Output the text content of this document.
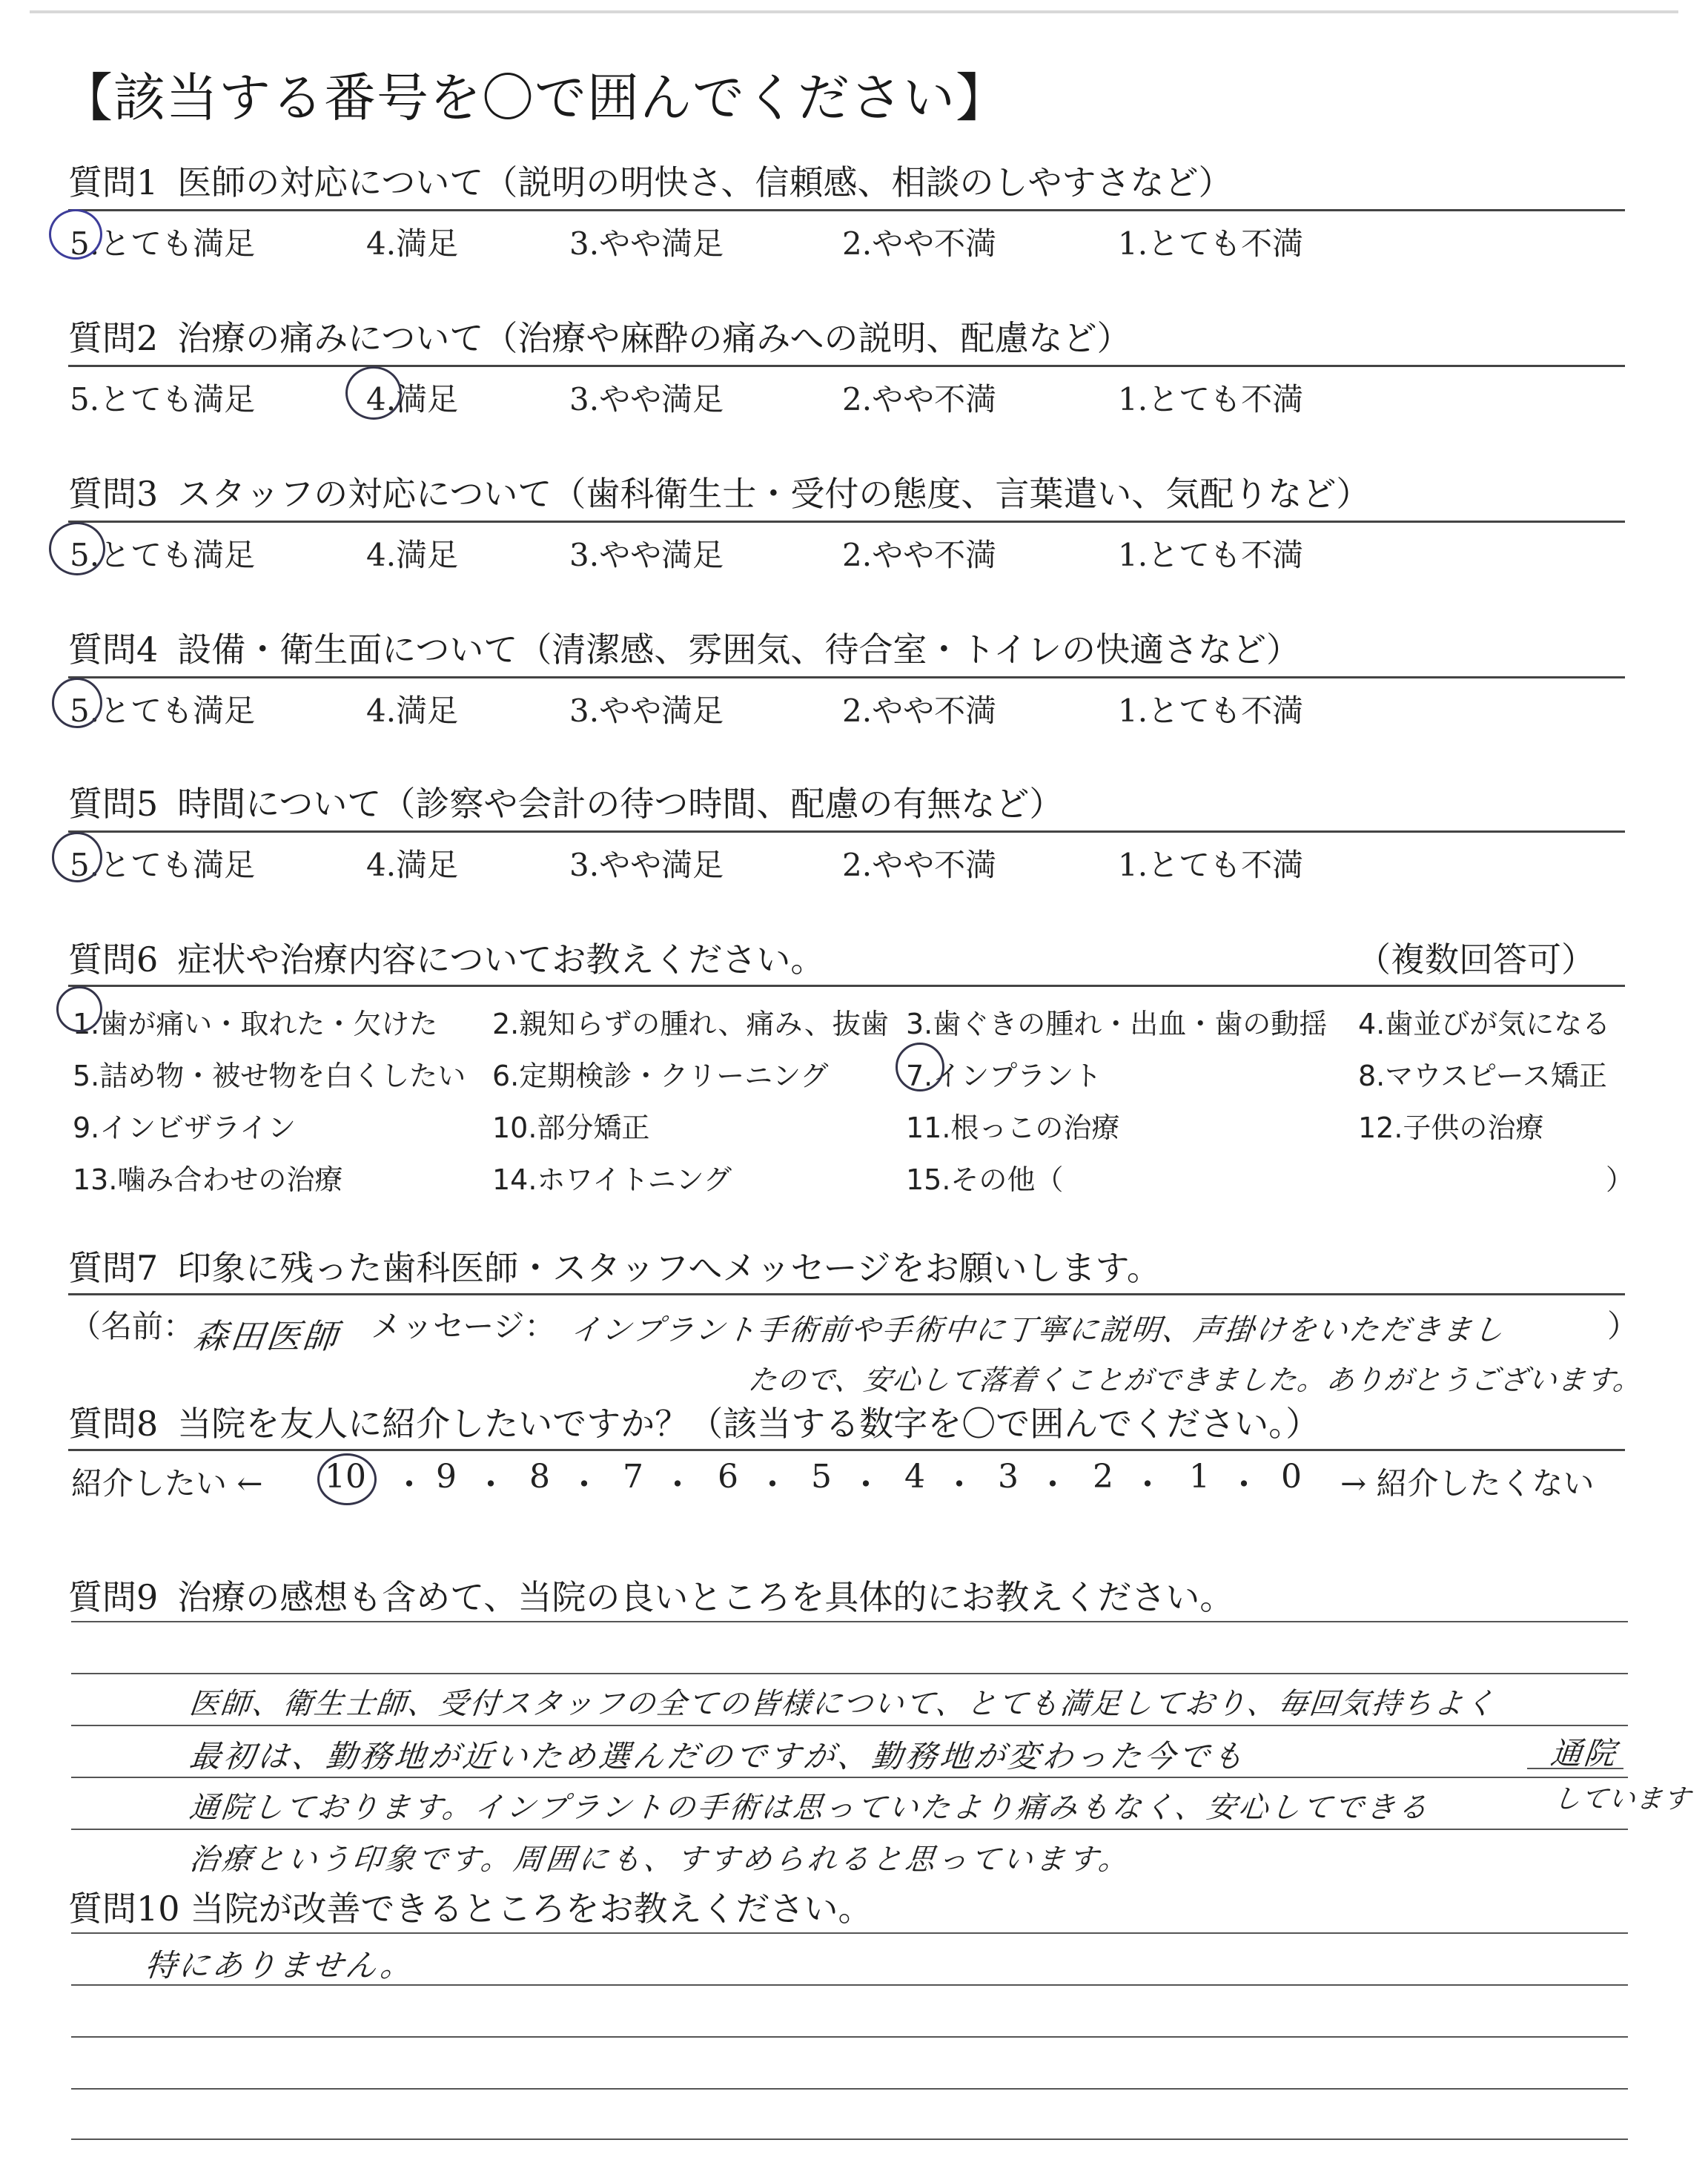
【該当する番号を〇で囲んでください】
質問1 医師の対応について（説明の明快さ、信頼感、相談のしやすさなど）
5.とても満足	4.満足	3.やや満足	2.やや不満	1.とても不満
質問2 治療の痛みについて（治療や麻酔の痛みへの説明、配慮など）
5.とても満足	4.満足	3.やや満足	2.やや不満	1.とても不満
質問3 スタッフの対応について（歯科衛生士・受付の態度、言葉遣い、気配りなど）
5.とても満足	4.満足	3.やや満足	2.やや不満	1.とても不満
質問4 設備・衛生面について（清潔感、雰囲気、待合室・トイレの快適さなど）
5.とても満足	4.満足	3.やや満足	2.やや不満	1.とても不満
質問5 時間について（診察や会計の待つ時間、配慮の有無など）
5.とても満足	4.満足	3.やや満足	2.やや不満	1.とても不満
質問6 症状や治療内容についてお教えください。	（複数回答可）
1.歯が痛い・取れた・欠けた 2.親知らずの腫れ、痛み、抜歯 3.歯ぐきの腫れ・出血・歯の動揺 4.歯並びが気になる
5.詰め物・被せ物を白くしたい 6.定期検診・クリーニング	7.インプラント	8.マウスピース矯正
9.インビザライン	10.部分矯正	11.根っこの治療	12.子供の治療
13.噛み合わせの治療	14.ホワイトニング	15.その他（	）
質問7 印象に残った歯科医師・スタッフへメッセージをお願いします。
（名前：
森田医師 メッセージ： インプラント手術前や手術中に丁寧に説明、声掛けをいただきまし	）
たので、安心して落着くことができました。ありがとうございます。
質問8 当院を友人に紹介したいですか？（該当する数字を〇で囲んでください。）
紹介したい ← 10 ・ 9 ・ 8 ・ 7 ・ 6 ・ 5 ・ 4 ・ 3 ・ 2 ・ 1 ・ 0 → 紹介したくない
質問9 治療の感想も含めて、当院の良いところを具体的にお教えください。
医師、衛生士師、受付スタッフの全ての皆様について、とても満足しており、毎回気持ちよく
最初は、勤務地が近いため選んだのですが、勤務地が変わった今でも
通院しております。インプラントの手術は思っていたより痛みもなく、安心してできる
治療という印象です。周囲にも、すすめられると思っています。
通院
しています
質問10 当院が改善できるところをお教えください。
特にありません。
